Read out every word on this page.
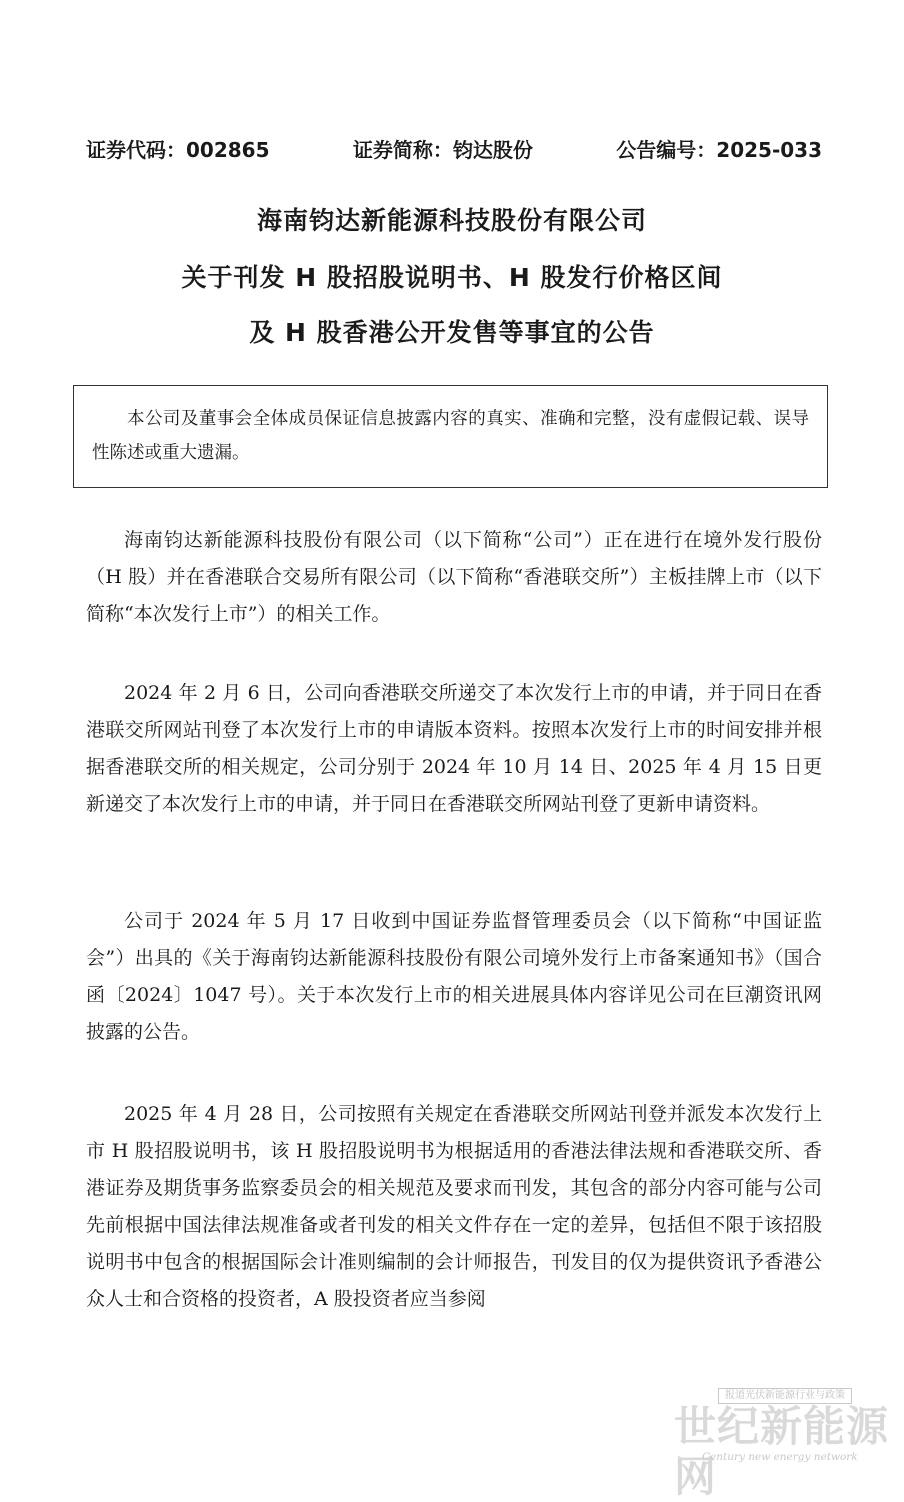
证券代码：002865	证券简称：钧达股份	公告编号：2025-033
海南钧达新能源科技股份有限公司
关于刊发 H 股招股说明书、H 股发行价格区间
及 H 股香港公开发售等事宜的公告
本公司及董事会全体成员保证信息披露内容的真实、准确和完整，没有虚假记载、误导性陈述或重大遗漏。

海南钧达新能源科技股份有限公司（以下简称“公司”）正在进行在境外发行股份（H 股）并在香港联合交易所有限公司（以下简称“香港联交所”）主板挂牌上市（以下简称“本次发行上市”）的相关工作。

2024 年 2 月 6 日，公司向香港联交所递交了本次发行上市的申请，并于同日在香港联交所网站刊登了本次发行上市的申请版本资料。按照本次发行上市的时间安排并根据香港联交所的相关规定，公司分别于 2024 年 10 月 14 日、2025 年 4 月 15 日更新递交了本次发行上市的申请，并于同日在香港联交所网站刊登了更新申请资料。

公司于 2024 年 5 月 17 日收到中国证券监督管理委员会（以下简称“中国证监会”）出具的《关于海南钧达新能源科技股份有限公司境外发行上市备案通知书》（国合函〔2024〕1047 号）。关于本次发行上市的相关进展具体内容详见公司在巨潮资讯网披露的公告。

2025 年 4 月 28 日，公司按照有关规定在香港联交所网站刊登并派发本次发行上市 H 股招股说明书，该 H 股招股说明书为根据适用的香港法律法规和香港联交所、香港证券及期货事务监察委员会的相关规范及要求而刊发，其包含的部分内容可能与公司先前根据中国法律法规准备或者刊发的相关文件存在一定的差异，包括但不限于该招股说明书中包含的根据国际会计准则编制的会计师报告，刊发目的仅为提供资讯予香港公众人士和合资格的投资者，A 股投资者应当参阅

报道光伏新能源行业与政策
世纪新能源网
Century new energy network
